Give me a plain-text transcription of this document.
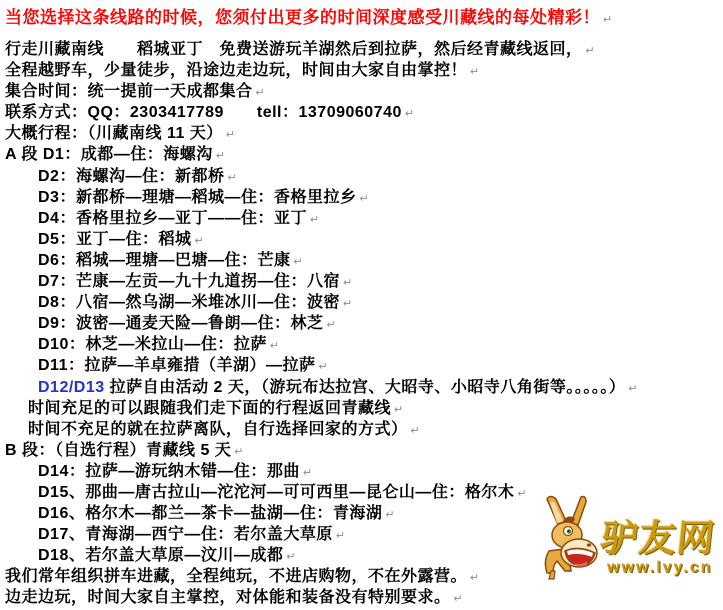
当您选择这条线路的时候，您须付出更多的时间深度感受川藏线的每处精彩！ ↵
行走川藏南线　　稻城亚丁　免费送游玩羊湖然后到拉萨，然后经青藏线返回， ↵
全程越野车，少量徒步，沿途边走边玩，时间由大家自由掌控！ ↵
集合时间：统一提前一天成都集合 ↵
联系方式：QQ：2303417789　　tell：13709060740 ↵
大概行程：（川藏南线 11 天） ↵
A 段 D1：成都—住：海螺沟 ↵
D2：海螺沟—住：新都桥 ↵
D3：新都桥—理塘—稻城—住：香格里拉乡 ↵
D4：香格里拉乡—亚丁——住：亚丁 ↵
D5：亚丁—住：稻城 ↵
D6：稻城—理塘—巴塘—住：芒康 ↵
D7：芒康—左贡—九十九道拐—住：八宿 ↵
D8：八宿—然乌湖—米堆冰川—住：波密 ↵
D9：波密—通麦天险—鲁朗—住：林芝 ↵
D10：林芝—米拉山—住：拉萨 ↵
D11：拉萨—羊卓雍措（羊湖）—拉萨 ↵
D12/D13 拉萨自由活动 2 天，（游玩布达拉宫、大昭寺、小昭寺八角街等。。。。。） ↵
时间充足的可以跟随我们走下面的行程返回青藏线 ↵
时间不充足的就在拉萨离队，自行选择回家的方式） ↵
B 段：（自选行程）青藏线 5 天 ↵
D14：拉萨—游玩纳木错—住：那曲 ↵
D15、那曲—唐古拉山—沱沱河—可可西里—昆仑山—住：格尔木 ↵
D16、格尔木—都兰—茶卡—盐湖—住：青海湖 ↵
D17、青海湖—西宁—住：若尔盖大草原 ↵
D18、若尔盖大草原—汶川—成都 ↵
我们常年组织拼车进藏，全程纯玩，不进店购物，不在外露营。 ↵
边走边玩，时间大家自主掌控，对体能和装备没有特别要求。 ↵
驴友网
www.lvy.cn
